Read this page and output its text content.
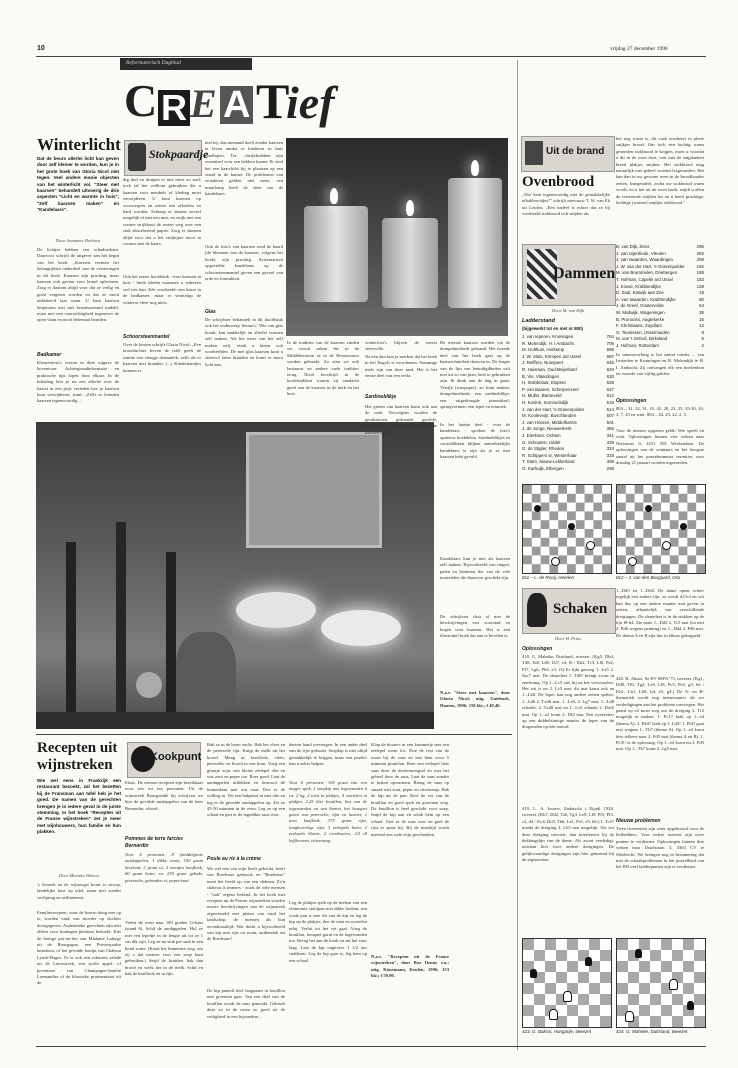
10	vrijdag 27 december 1996
Reformatorisch Dagblad
C R E A T
ief
Winterlicht
Dat de beurs allerlei licht kan geven door zelf kleiner te worden, kun je in het grote boek van Gloria Nicol niet tegen. Veel andere mooie objecten van het winterlicht vol. "Steer met kaarsen" behandelt uitvoerig de drie aspecten "Licht en warmte in huis", "Zelf kaarsen maken" en "Kandelaars".
Door Jeannette Deelstra
De lichtjes hebben een schaduwkant. Daarvoor schrijft de uitgever aan het begin van het boek: „Kaarsen vormen het belangrijkste onderdeel van de versieringen in dit boek. Kaarsen zijn prachtig, maar kaarsen ook gevaar voor brand opleveren. Zorg er daarom altijd voor dat ze veilig en goed vergeten worden en dat ze nooit onbeheerd laat staan. U kunt kaarsen bespeuren niet met brandwaarand middel, maar met een voorzichtigheid tegenover de open vlam en nooit helemaal branden.
Badkamer
Kleurenfoto's voeren in deze uitgave de boventoon. Achtergrondinformatie en praktische tips lopen door elkaar. In de inleiding lees je nu een allerlei over de kaarst in een prijs verleden hoe je kaarsen kunt verwijderen, want: „Zelfs er branden kaarsen tegenwoordig ...
Stokpaardje
dig titel en druipen er niet meer zo snel, toch tal het welkom gebruiken die u kaarsen voor meubels of kleding moet verwijderen. U kunt kaarsen op voorwerpen en zetten een afkoelen en hard worden. Schraap er daarna zoveel mogelijk af met een mes, en strijk met een warme strijkbout de resten weg over een stuk absorberend papier. Zorg er daarom altijd voor dat u het strijkijzer nooit in contact met de kaars.
Ook het eerste hoofdstuk - over kaarsen in huis - biedt ideeën waarmee u iedereen wel iets kan. Eén voorbeeld: een kaars in de badkamer; maar er vernietigt de winterse sfeer nog niets.
Schoorsteenmantel
Over de kosten schrijft Gloria Nicol: „Een kroonluchter boven de tafel geeft de ruimte een vleugje dramatiek, zelfs als er kaarsen niet branden. (...) Kinderhandjes kunnen er
niet bij, dus niemand hoeft zonder kaarsen te leven omdat er kinderen in huis rondlopen. Ter: „Strijkkrabben zijn essentieel voor een heldere kamer. Ik vind het een kaarslicht bij te plaatsen op een wand in de kamer. De problemen van wonderen gelden niet meer, een muurlamp heeft de sfeer van de kandelaars.
Ook de foto's van kaarsen rond de haard (de bloemen van de kaarsen, volgens het boek) zijn prachtig. Systematisch opgestelde kandelaars op de schoorsteenmantel geven een gevoel van orde en formaliteit.
Glas
De schrijfster behandelt in dit hoofdstuk ook het onderwerp 'thema's'. Wie van glas houdt, kan makkelijk en allerlei vormen zelf maken. Als het meer van het zelf maken wilt, vindt u hierin ook voorbeelden. De met glas kaarsen kunt u sfeervol laten branden en komt er mooi licht aan.
In de tradities van de kaarsen vinden we vooral zaken die in de Middeleeuwen of in de Renaissance werden gebruikt. Zo zien we ook lantaarns en andere oude tradities terug. Nicol beschrijft in de hoofdstukken waarin zij aandacht geeft aan de kaarsen in de kerk en het huis.
winterfoto's blijven de meest sfeervolle.
Na een dan kun je merken dat het boek in het Engels is verschenen. Sommige titels zijn van deze aard. Het is het eerste deel van een reeks.
Sardineblikje
De meeste kaarsen worden via de dompelmethode gebrand. Het tweede deel van het boek gaat op de basistechnieken daarvan in. De lengte van de lijn van benodigdheden valt niet uit zo van plan, heet te gebruiken zijn. Ik denk aan de dag in gaan. Verrijk (waxpaper), zo kunt maken; dompelmethode; een sardineblikje; een uitgedroogde piramidaal; springvormen; een lepel en tonnoek.
Het gieten van kaarsen komt ook aan de orde. Vervolgens worden de geurkaarsen, gedraaide, gerolde, decoratieve, gekleurde en gesplitste kaarsen belicht.
In het laatste deel - over de kandelaars - spreken de foto's opnieuw boekdelen. Sardineblikjes en cacaoblikken blijken aantrekkelijke kandelaars te zijn als je ze met kaarsen hebt gevuld.
Kandelaars kun je met als kaarsen zelf maken. Bijvoorbeeld van ringen, palen en bladeren die van de vele materialen die daarvoor geschikt zijn.
De schrijfster sluit af met de beschrijvingen van voorraad en kopen voor kaarsen. Het is een illustratief boek dat aan te bevelen is.
N.a.v. "Steer met kaarsen", door Gloria Nicol; uitg. Unieboek, Houten, 1996; 159 blz.; f 49,40.
Recepten uit wijnstreken
Wie wel eens in Frankrijk een restaurant bezoekt, zal het bezetten bij de Fransman aan tafel heb je het goed. De namen van de gerechten brengen je in iedere geval in de juiste stemming. In het boek "Recepten uit de Franse wijnstreken" zet je meer met wijnhouwers, hun familie en hun plakken.
Door Mariska Welters
's Avonds na de wijnoogst komt er stroop, landelijke kost op tafel, maar niet zonder verfijning en raffinement.
Familierecepten, waar de boerin dung met op is, worden vaak van moeder op dochter doorgegeven. Authentieke gerechten zijn niet alleen voor koningen plaatsen bedoeld. Kits de hartige pot-au-feu van Madame Lafarge uit de Bourgogne, een Provençaalse lamsbout, of het gevulde konijn van Château Lynch-Bages. Er is ook een robuuste salade uit de Loirestreek, een stoffe appel- of perentaart van Champagne-familie Larmandier of de klassieke pruimentaart uit de
Kookpunt
Elzas. De meeste recepten zijn bereikbaar voor iets tot ten personen. Uit de wijnstreek Bourgondië bij schrijven we hier de gevulde aardappelen van de heer Bernardin, oftwel:
Pommes de terre farcies Bernardin
Voor 4 personen: 8 (middelgrote aardappelen, 1 dikke room, 100 gram bieslook, 2 gram ui, 2 teentjes knoflook, 60 gram boter, ca. 250 gram gehakt, peterselie, gebraden ei, peper/zout
Verhit de oven naar 180 graden Celsius (stand 6). Schil de aardappelen. Hol ze met een lepeltje in de lengte uit tot ze 1 cm dik zijn. Leg ze nu stuk per stuk in een koud water. (Kook het binnenste weg, om zij a dat meteen voor een soep kunt gebruiken.) Snijd de kruiden, bak dan brood en week het in de melk. Schil en hak de knoflook en ui fijn.
Bak ze in de boter zacht. Hak het vlees en de peterselie fijn. Knijp de melk uit het brood. Meng ui, knoflook, vlees, peterselie en brood in een kom. Voeg een glaasje wijn, een kleine eetlepel olie en wat zout en peper toe. Roer goed. Laat de aardappelen uitlekken en bestrooi de binnenkant met wat zout. Doe er de vulling in. Vet een bakplaat in met olie en leg er de gevulde aardappelen op. Zet ze 45-50 minuten in de oven. Leg ze op een schaal en giet er de ingedikte saus over.
Poule au riz à la crème
We wel een van wijn heeft gekookt, heeft van Bordeaux gehoord, en "Bordeaux" moet het beeld op van een château. Zo'n château is immers - zoals de vele mensen - "ook" ergens bekend. In het boek met recepten uit de Franse wijnstreken worden mooie beschrijvingen van de wijnstreek afgewisseld met platen van rond het landschap, de mensen als hun avondmaaltijd. Wat dacht u bijvoorbeeld van kip met rijst en room, authentiek uit de Bordeaux?
De kip puntelt heel langzaam in bouillon met groenten gaar. Van een deel van de bouillon wordt de saus gemaakt. Gebruik deze zo in de room zo goed tot de vettigheid in een bijzondere...
deeren hand toevoegen. In een ander deel van de rijst gekookt. Soepkip is niet altijd gemakkelijk te krijgen, maar een poelier kan u zeker helpen.
Voor 6 personen: 100 gram van een mager spek, 1 soepkip met ingewanden à ca. 2 kg, 2 uien in plakjes, 4 wortelen in plakjes, 2,25 liter bouillon, bos van de ingewanden en wat bonen, het bouquet garni van peterselie, tijm en laurier, 1 teen knoflook, 375 gram rijst, langkorrelige rijst, 3 eetlepels boter, 2 eetlepels bloem, 2 eierdooiers, 2,5 dl koffieroom, citroensap.
Leg de plakjes spek op de bodem van een vlamvaste stoofpan met dikke bodem, een ovale pan is zeer dit van de kip en leg de kip op de plakjes, doe de uien en wortelen erbij. Verhit tot het vet gaat. Voeg de bouillon, bouquet garni en de ingewanden toe. Breng het aan de kook en zet het vuur laag. Laat de kip ongeveer 1 1/2 uur sudderen. Leg de kip gaar is, leg hem op een schaal.
Klap de dooiers in een kommetje met een eetlepel room los. Doe de rest van de room bij de saus en laat hem circa 5 minuten pruttelen. Roer een eetlepel hete saus door de dooiermengsel en roer het geheel door de saus. Laat de saus zonder te koken opwarmen. Breng de saus op smaak met zout, peper en citroensap. Hak de kip uit de pan. Kerf de vet van de bouillon en goed spek en groenten weg. De bouillon is heel geschikt voor soep. Snijd de kip aan en schik hem op een schaal. Giet er de saus over en geef de rijst er apart bij. Bij de maaltijd wordt meestal een rode wijn geschonken.
N.a.v. "Recepten uit de Franse wijnstreken", door Roz Denny e.a.; uitg. Könemann, Keulen, 1996; 153 blz.; f 59,90.
Uit de brand
Ovenbrood
„Wie kent tegenwoordig niet de gemakkelijke afbakbroodjes?" schrijft mevrouw T. W. van Ek uit Leiden. „Een nadeel is echter dat ze bij voorbeeld stokbrood wilt snijden als
het nog warm is, dit vaak resulteert in platte snijkjes brood. Om toch een luchtig warm gesneden stokbrood te krijgen, moet u voordat u dit in de oven doet, vast met de snijplanken breed plakjes snijden. Het stokbrood mag natuurlijk niet geheel worden losgesneden. Het kan dan in uw gewone oven in de broodhouder zetten. Integendeel, zodra uw stokbrood warm wordt, en u het uit de oven haalt, snijdt u allen de resterende snijden los en u heeft prachtige, luchtige (warme) snijdjes stokbrood."
Dammen
Door M. van Dijk
Ladderstand
(bijgewerkt tot en met nr 800)
J. van Ieperen, Kruiningen	764
R. Molendijk, H. I Ambacht	706
M. Holthuis, Herkamp	688
J. W. Sluis, Krimpen a/d IJssel	687
J. Reiffers, Nunspeet	645
R. Huisman, Oud-Beijerland	634
B. Vis, Vlaardingen	630
H. Stobbelaar, Elspeet	628
P. van Baaren, Scherpenzeel	627
H. Muller, Barneveld	612
H. Konink, Sommelsdijk	518
J. van der Hart, 's-Gravenpolder	514
M. Kooleveijn, Boschlanden	507
J. van Hooren, Middelharnis	501
J. de Jonge, Nieuwerkerk	355
J. Dierksen, Ochten	341
G. Schouten, Uddel	339
G. de Stigter, Rheden	324
R. Schippers sr, Westerhaar	318
T. Stam, Nieuw-Lekkerland	308
G. Karhuijk, Elbergen	298
B. van Dijk, Zeist	296
J. van Uijterlinde, Vleuten	282
J. van Iwaarden, Waardingen	208
J. W. van der Hart, 's-Gravenpolder	192
M. van Brummelen, Driebergen	188
T. Hofman, Capelle a/d IJssel	183
J. Kosse, Krabbendijke	128
D. Zaal, Katwijk aan Zee	18
A. van Iwaarden, Krabbendijke	80
J. de Greef, Oostervolde	64
W. Muilwijk, Wageningen	36
B. Pronooss, Aagtekerke	15
F. Christiaans, Zuydlam	12
G. Teunissen, IJsselmuiden	8
M. van 't Geloof, Dirksland	6
J. Hofman, Rotterdam	2
In samenwerking is het aantal rondes ... van Iwaarden te Kruiningen en R. Molendijk te H. I. Ambacht. Zij ontvangen elk een boekenbon ter waarde van vijftig gulden.
Oplossingen
803 – 31, 32, 31, 10, 42, 28, 23, 25, 35-30, 10, 3, 7, 43 en wint. 804 – 44, 23, 22, 2, 5.
Voor de nieuwe opgaven geldt: Wie speelt en wint. Oplossingen binnen vier weken naar Nettstraat 9, 4251 ND Werkendam. De oplossingen van de winnaars en het hoogste aantal uit het puzzelnummer rezenties voor dinsdag 21 januari worden ingezonden.
811 – L. de Rooij, Heerlen	812 – J. van den Bosgaard, Oss
Schaken
Door H. Prins
Oplossingen
418. G. Mahnke, Duisland, tweezet. (Kg5, Db4, Td8, Ta8, Ld8, Lb7, e4, f6 / Kb2, Tc3, Lf8, Pe2, Pf7, Lg6, Ph5, e3, f3) Er lijkt genoeg 1...Le5 2. Sac7 mat. De sleutelzet 1. Td8! brengt zwart in zetdwang. Op 1...Lc5 ziet hij na het verwisselen. Het wit is nu 2. Lc5 mat, dit mat komt ook na 1...Lb8. De loper kan nog andere zetten spelen: 1...Ld6 2. Txd6 mat, 1...Le6, 2. Lg7 mat, 1...Ld8 schaakt. 2. Txd8 mat en 1...Lc6 schaakt 2. Dxf6 mat. Op 1...e2 komt 2. Df2 mat. Een tweezetter op een dubbelzinnige manier de loper van de diagonalen op één aanval.
419. L. A. Issaew, Zadatschi i Etjudi 1928, tweezet. (Kb7, Dd2, Ta6, Tg3, Le8, Lf8, Pf5, Pf3, c2, d4 / Kc4, Dc8, Tb6, La1, Pe1, e5, h6.) 1. Tc5? maakt de dreiging 2. Lb5 mat mogelijk. Als wit deze dreiging uitvoert, dan interfereert hij de dekkingslijn van de dame. Als zwart verdedigt, ontstaat hier twee andere dreigingen. De gelijkwaardige dreigingen zijn hier genoemd bij de tegenzetten.
1...Dd5 en 1...Dd4. De dame opent echter regelijk een andere lijn, zo wordt d2-b4 en wit kan dus op een andere manier mat geven in zetten, afhankelijk van verschillende dreigingen. De sleutelzet is in de stukken op de lijn f8-b4. Zie mate 1...Dd3 2. Tc5 mat (en niet 2. Pd6 wegens penning) en 1...Dd4 2. Pd6 mat. De thema A en B zijn dus in elkaar gekoppeld.
420. H. Ahues, Se EV SEPA '75, tweezet. (Kg1, Dd8, Tf6, Tg2, Le8, Lf8, Pc5, Pe2, g3, h6 / Kh1, Lb1, Lb8, b4, e5, g4.) De A- en B-thematiek wordt nog interessanter als we verdedigingen aan het probleem toevoegen. Het paard op e2 moet weg om de dreiging 2. Tf2 mogelijk te maken. 1. Pc1? faalt op 1...e4 (thema A). 1. Pd4? faalt op 1. Ld3! 1. Pf4? gaat niet wegens 1...Tb7 (thema A). Op 1...e4 komt hier telkens naar 2. Pd5 mat (thema A en B). 1. Pc3!! is de oplossing. Op 1...e4 komt nu 2. Pd5 mat. Op 1...Tb7 komt 2. Lg5 mat.
Nieuwe problemen
Twee tweezetten zijn weer opgebouwd voor de liefhebbers. Voor iedere tweezet zijn twee punten te verdienen. Oplossingen binnen drie weken naar IJsselstraat 3, 3363 CV te Sliedrecht. We brengen nog in herinnering dat met de schaakproblemen in het puzzelblad van het RD veel ladderpunten zijn te verdienen.
423. G. Bakcsi, Hongarije, tweezet	424. G. Mahnke, Duitsland, tweezet
